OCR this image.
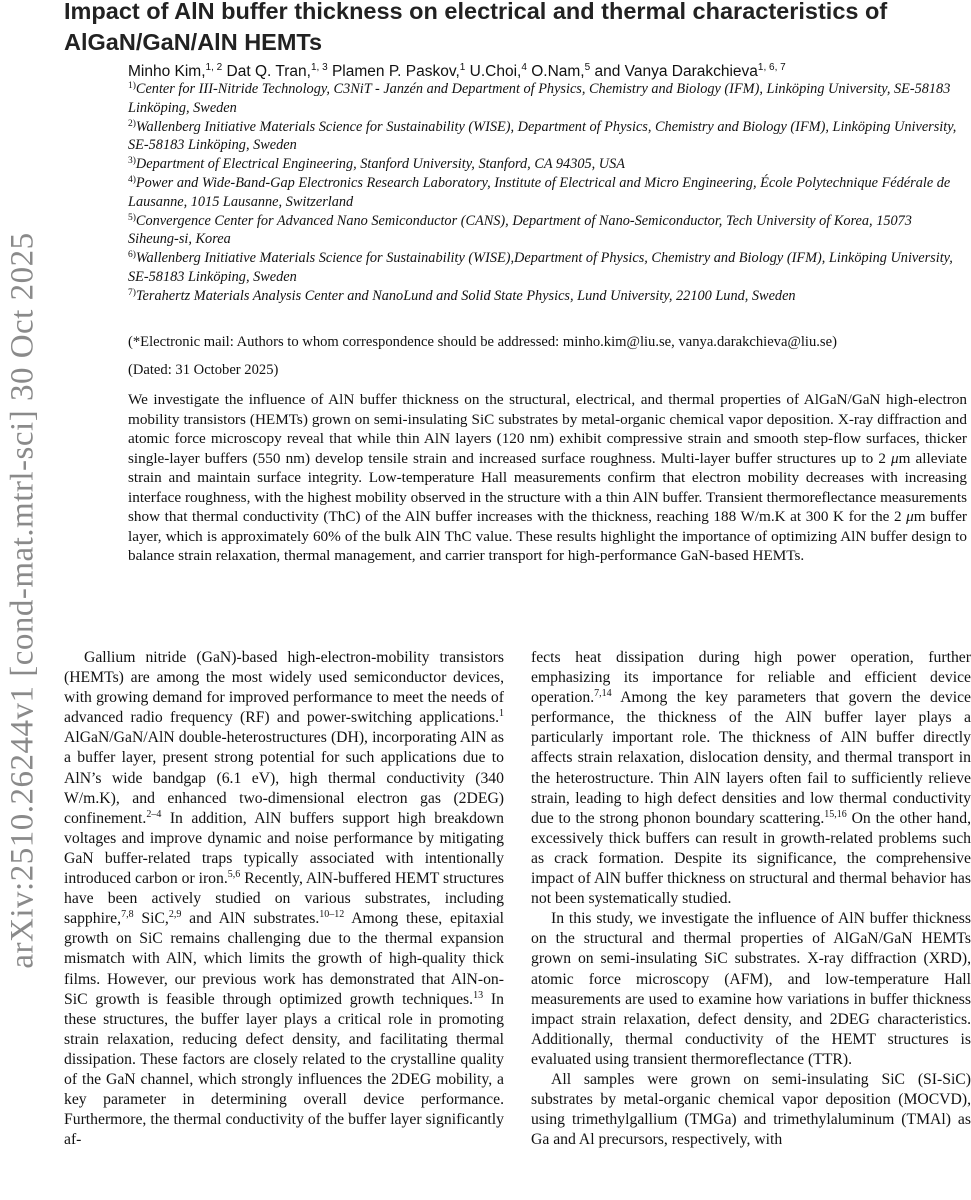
arXiv:2510.26244v1 [cond-mat.mtrl-sci] 30 Oct 2025
Impact of AlN buffer thickness on electrical and thermal characteristics of AlGaN/GaN/AlN HEMTs
Minho Kim,$^{1, 2}$ Dat Q. Tran,$^{1, 3}$ Plamen P. Paskov,$^1$ U.Choi,$^4$ O.Nam,$^5$ and Vanya Darakchieva$^{1, 6, 7}$

$^{1)}$Center for III-Nitride Technology, C3NiT - Janzén and Department of Physics, Chemistry and Biology (IFM), Linköping University, SE-58183 Linköping, Sweden

$^{2)}$Wallenberg Initiative Materials Science for Sustainability (WISE), Department of Physics, Chemistry and Biology (IFM), Linköping University, SE-58183 Linköping, Sweden

$^{3)}$Department of Electrical Engineering, Stanford University, Stanford, CA 94305, USA

$^{4)}$Power and Wide-Band-Gap Electronics Research Laboratory, Institute of Electrical and Micro Engineering, École Polytechnique Fédérale de Lausanne, 1015 Lausanne, Switzerland

$^{5)}$Convergence Center for Advanced Nano Semiconductor (CANS), Department of Nano-Semiconductor, Tech University of Korea, 15073 Siheung-si, Korea

$^{6)}$Wallenberg Initiative Materials Science for Sustainability (WISE),Department of Physics, Chemistry and Biology (IFM), Linköping University, SE-58183 Linköping, Sweden

$^{7)}$Terahertz Materials Analysis Center and NanoLund and Solid State Physics, Lund University, 22100 Lund, Sweden

(*Electronic mail: Authors to whom correspondence should be addressed: minho.kim@liu.se, vanya.darakchieva@liu.se)
(Dated: 31 October 2025)

We investigate the influence of AlN buffer thickness on the structural, electrical, and thermal properties of AlGaN/GaN high-electron mobility transistors (HEMTs) grown on semi-insulating SiC substrates by metal-organic chemical vapor deposition. X-ray diffraction and atomic force microscopy reveal that while thin AlN layers (120 nm) exhibit compressive strain and smooth step-flow surfaces, thicker single-layer buffers (550 nm) develop tensile strain and increased surface roughness. Multi-layer buffer structures up to 2 μm alleviate strain and maintain surface integrity. Low-temperature Hall measurements confirm that electron mobility decreases with increasing interface roughness, with the highest mobility observed in the structure with a thin AlN buffer. Transient thermoreflectance measurements show that thermal conductivity (ThC) of the AlN buffer increases with the thickness, reaching 188 W/m.K at 300 K for the 2 μm buffer layer, which is approximately 60% of the bulk AlN ThC value. These results highlight the importance of optimizing AlN buffer design to balance strain relaxation, thermal management, and carrier transport for high-performance GaN-based HEMTs.

Gallium nitride (GaN)-based high-electron-mobility transistors (HEMTs) are among the most widely used semiconductor devices, with growing demand for improved performance to meet the needs of advanced radio frequency (RF) and power-switching applications.$^1$ AlGaN/GaN/AlN double-heterostructures (DH), incorporating AlN as a buffer layer, present strong potential for such applications due to AlN’s wide bandgap (6.1 eV), high thermal conductivity (340 W/m.K), and enhanced two-dimensional electron gas (2DEG) confinement.$^{2-4}$ In addition, AlN buffers support high breakdown voltages and improve dynamic and noise performance by mitigating GaN buffer-related traps typically associated with intentionally introduced carbon or iron.$^{5,6}$ Recently, AlN-buffered HEMT structures have been actively studied on various substrates, including sapphire,$^{7,8}$ SiC,$^{2,9}$ and AlN substrates.$^{10-12}$ Among these, epitaxial growth on SiC remains challenging due to the thermal expansion mismatch with AlN, which limits the growth of high-quality thick films. However, our previous work has demonstrated that AlN-on-SiC growth is feasible through optimized growth techniques.$^{13}$ In these structures, the buffer layer plays a critical role in promoting strain relaxation, reducing defect density, and facilitating thermal dissipation. These factors are closely related to the crystalline quality of the GaN channel, which strongly influences the 2DEG mobility, a key parameter in determining overall device performance. Furthermore, the thermal conductivity of the buffer layer significantly af-

fects heat dissipation during high power operation, further emphasizing its importance for reliable and efficient device operation.$^{7,14}$ Among the key parameters that govern the device performance, the thickness of the AlN buffer layer plays a particularly important role. The thickness of AlN buffer directly affects strain relaxation, dislocation density, and thermal transport in the heterostructure. Thin AlN layers often fail to sufficiently relieve strain, leading to high defect densities and low thermal conductivity due to the strong phonon boundary scattering.$^{15,16}$ On the other hand, excessively thick buffers can result in growth-related problems such as crack formation. Despite its significance, the comprehensive impact of AlN buffer thickness on structural and thermal behavior has not been systematically studied.

In this study, we investigate the influence of AlN buffer thickness on the structural and thermal properties of AlGaN/GaN HEMTs grown on semi-insulating SiC substrates. X-ray diffraction (XRD), atomic force microscopy (AFM), and low-temperature Hall measurements are used to examine how variations in buffer thickness impact strain relaxation, defect density, and 2DEG characteristics. Additionally, thermal conductivity of the HEMT structures is evaluated using transient thermoreflectance (TTR).

All samples were grown on semi-insulating SiC (SI-SiC) substrates by metal-organic chemical vapor deposition (MOCVD), using trimethylgallium (TMGa) and trimethylaluminum (TMAl) as Ga and Al precursors, respectively, with
